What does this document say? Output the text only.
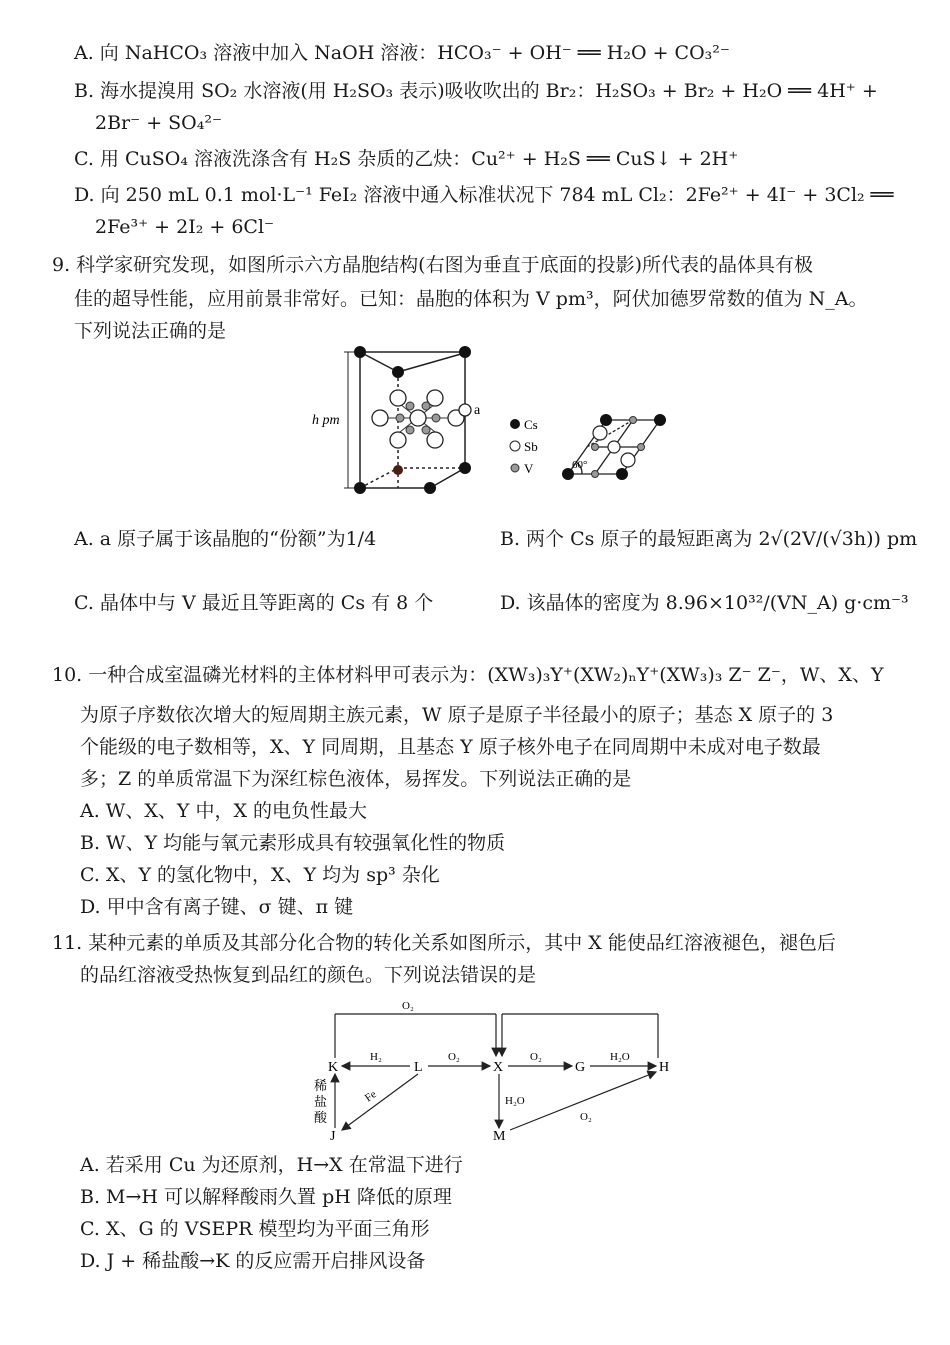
A. 向 NaHCO₃ 溶液中加入 NaOH 溶液：HCO₃⁻ + OH⁻ ══ H₂O + CO₃²⁻
B. 海水提溴用 SO₂ 水溶液(用 H₂SO₃ 表示)吸收吹出的 Br₂：H₂SO₃ + Br₂ + H₂O ══ 4H⁺ +
2Br⁻ + SO₄²⁻
C. 用 CuSO₄ 溶液洗涤含有 H₂S 杂质的乙炔：Cu²⁺ + H₂S ══ CuS↓ + 2H⁺
D. 向 250 mL 0.1 mol·L⁻¹ FeI₂ 溶液中通入标准状况下 784 mL Cl₂：2Fe²⁺ + 4I⁻ + 3Cl₂ ══
2Fe³⁺ + 2I₂ + 6Cl⁻
9. 科学家研究发现，如图所示六方晶胞结构(右图为垂直于底面的投影)所代表的晶体具有极
佳的超导性能，应用前景非常好。已知：晶胞的体积为 V pm³，阿伏加德罗常数的值为 N_A。
下列说法正确的是
h pm
a
Cs
Sb
V	60°
A. a 原子属于该晶胞的“份额”为1/4	B. 两个 Cs 原子的最短距离为 2√(2V/(√3h)) pm
C. 晶体中与 V 最近且等距离的 Cs 有 8 个	D. 该晶体的密度为 8.96×10³²/(VN_A) g·cm⁻³
10. 一种合成室温磷光材料的主体材料甲可表示为：(XW₃)₃Y⁺(XW₂)ₙY⁺(XW₃)₃ Z⁻ Z⁻，W、X、Y
为原子序数依次增大的短周期主族元素，W 原子是原子半径最小的原子；基态 X 原子的 3
个能级的电子数相等，X、Y 同周期，且基态 Y 原子核外电子在同周期中未成对电子数最
多；Z 的单质常温下为深红棕色液体，易挥发。下列说法正确的是
A. W、X、Y 中，X 的电负性最大
B. W、Y 均能与氧元素形成具有较强氧化性的物质
C. X、Y 的氢化物中，X、Y 均为 sp³ 杂化
D. 甲中含有离子键、σ 键、π 键
11. 某种元素的单质及其部分化合物的转化关系如图所示，其中 X 能使品红溶液褪色，褪色后
的品红溶液受热恢复到品红的颜色。下列说法错误的是
K	L	X	G	H
J	M
O₂
H₂	O₂	O₂	H₂O
H₂O
O₂
Fe
稀
盐
酸
A. 若采用 Cu 为还原剂，H→X 在常温下进行
B. M→H 可以解释酸雨久置 pH 降低的原理
C. X、G 的 VSEPR 模型均为平面三角形
D. J + 稀盐酸→K 的反应需开启排风设备
